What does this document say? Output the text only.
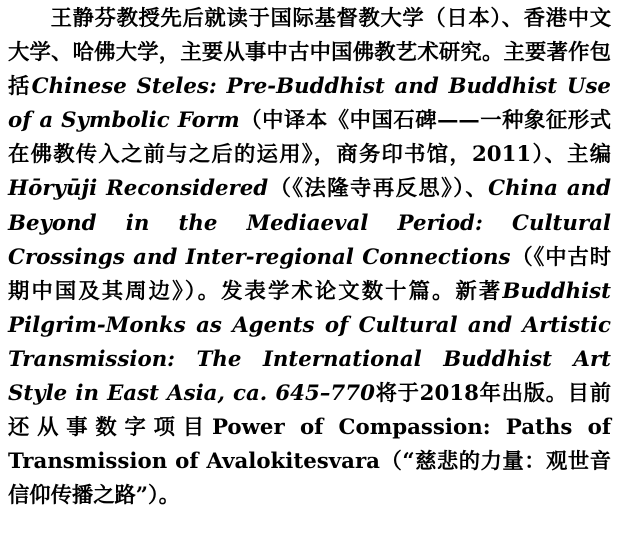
王静芬教授先后就读于国际基督教大学（日本）、香港中文大学、哈佛大学，主要从事中古中国佛教艺术研究。主要著作包括Chinese Steles: Pre-Buddhist and Buddhist Use of a Symbolic Form（中译本《中国石碑——一种象征形式在佛教传入之前与之后的运用》，商务印书馆，2011）、主编Hōryūji Reconsidered（《法隆寺再反思》）、China and Beyond in the Mediaeval Period: Cultural Crossings and Inter-regional Connections（《中古时期中国及其周边》）。发表学术论文数十篇。新著Buddhist Pilgrim-Monks as Agents of Cultural and Artistic Transmission: The International Buddhist Art Style in East Asia, ca. 645–770将于2018年出版。目前还从事数字项目Power of Compassion: Paths of Transmission of Avalokitesvara（“慈悲的力量：观世音信仰传播之路”）。
